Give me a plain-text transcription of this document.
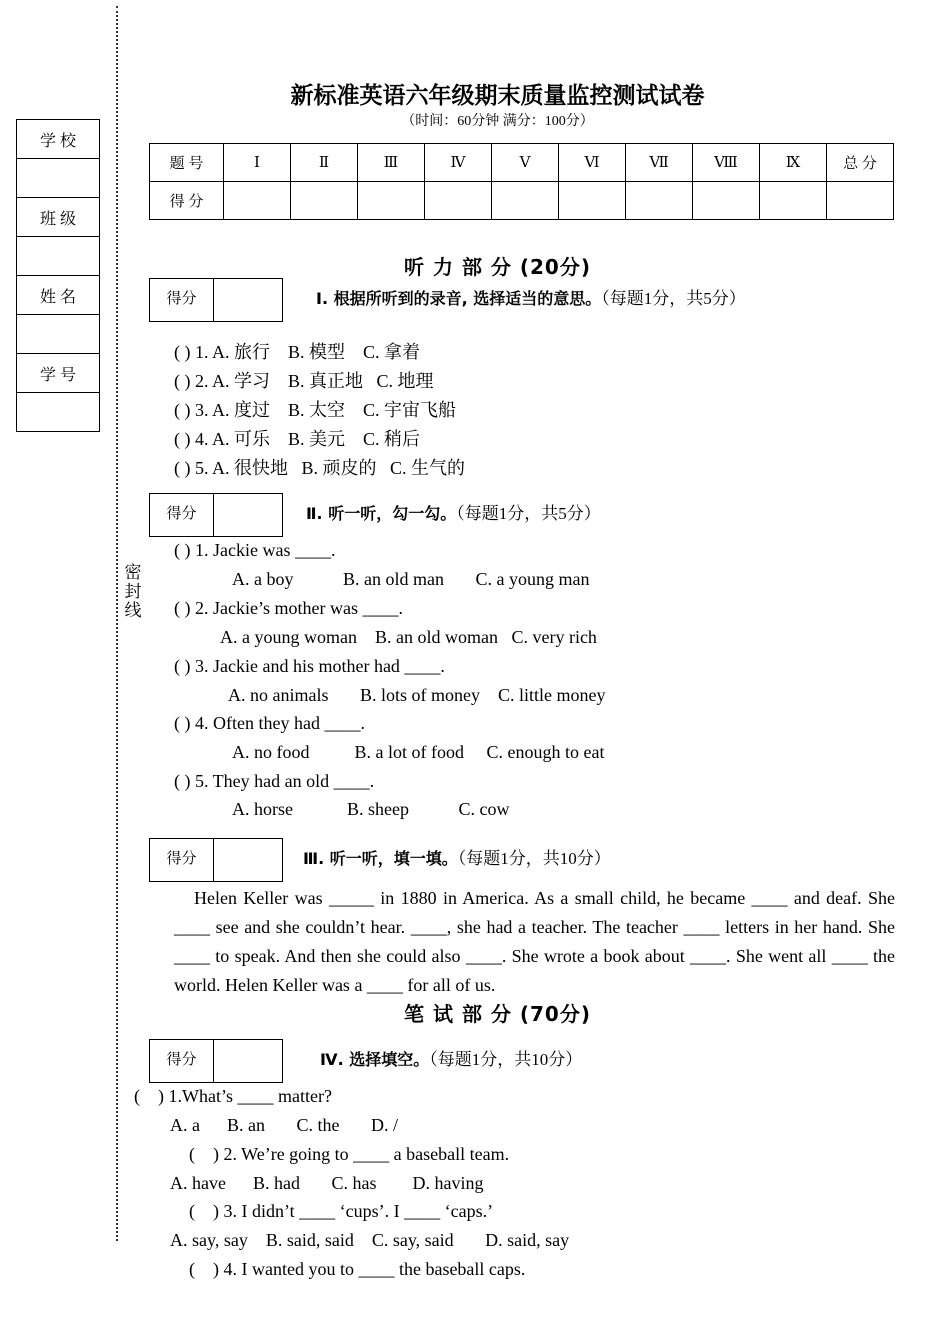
密封线
学 校

班 级

姓 名

学 号

新标准英语六年级期末质量监控测试试卷
（时间：60分钟 满分：100分）
题 号	Ⅰ	Ⅱ	Ⅲ	Ⅳ	Ⅴ	Ⅵ	Ⅶ	Ⅷ	Ⅸ	总 分
得 分										
听 力 部 分 (20分)
得分	Ⅰ. 根据所听到的录音, 选择适当的意思。（每题1分，共5分）
( ) 1. A. 旅行    B. 模型    C. 拿着
( ) 2. A. 学习    B. 真正地   C. 地理
( ) 3. A. 度过    B. 太空    C. 宇宙飞船
( ) 4. A. 可乐    B. 美元    C. 稍后
( ) 5. A. 很快地   B. 顽皮的   C. 生气的
得分	Ⅱ. 听一听，勾一勾。（每题1分，共5分）
( ) 1. Jackie was ____.
A. a boy           B. an old man       C. a young man
( ) 2. Jackie’s mother was ____.
A. a young woman    B. an old woman   C. very rich
( ) 3. Jackie and his mother had ____.
A. no animals       B. lots of money    C. little money
( ) 4. Often they had ____.
A. no food          B. a lot of food     C. enough to eat
( ) 5. They had an old ____.
A. horse            B. sheep           C. cow
得分	Ⅲ. 听一听，填一填。（每题1分，共10分）
Helen Keller was _____ in 1880 in America. As a small child, he became ____ and deaf. She ____ see and she couldn’t hear. ____, she had a teacher. The teacher ____ letters in her hand. She ____ to speak. And then she could also ____. She wrote a book about ____. She went all ____ the world. Helen Keller was a ____ for all of us.
笔 试 部 分 (70分)
得分	Ⅳ. 选择填空。（每题1分，共10分）
(    ) 1.What’s ____ matter?
A. a      B. an       C. the       D. /
(    ) 2. We’re going to ____ a baseball team.
A. have      B. had       C. has        D. having
(    ) 3. I didn’t ____ ‘cups’. I ____ ‘caps.’
A. say, say    B. said, said    C. say, said       D. said, say
(    ) 4. I wanted you to ____ the baseball caps.
